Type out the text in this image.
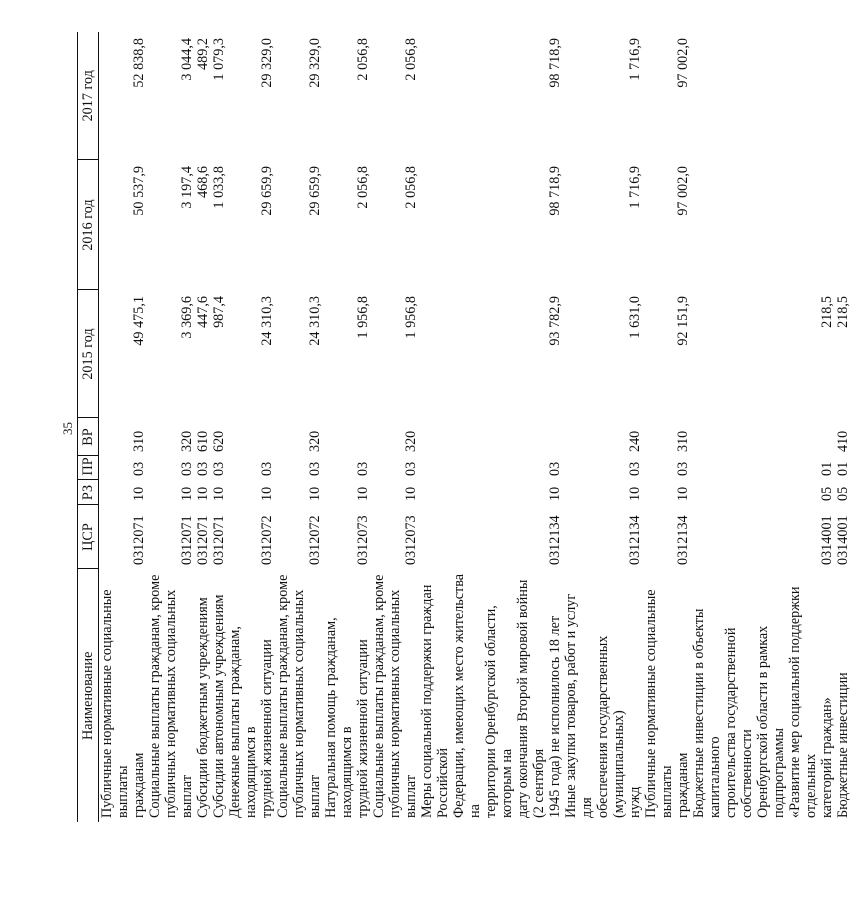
35
Наименование	ЦСР	РЗ	ПР	ВР	2015 год	2016 год	2017 год

Публичные нормативные социальные выплаты гражданам	0312071	10	03	310	49 475,1	50 537,9	52 838,8

Социальные выплаты гражданам, кроме публичных нормативных социальных выплат	0312071	10	03	320	3 369,6	3 197,4	3 044,4

Субсидии бюджетным учреждениям	0312071	10	03	610	447,6	468,6	489,2

Субсидии автономным учреждениям	0312071	10	03	620	987,4	1 033,8	1 079,3

Денежные выплаты гражданам, находящимся в трудной жизненной ситуации	0312072	10	03		24 310,3	29 659,9	29 329,0

Социальные выплаты гражданам, кроме публичных нормативных социальных выплат	0312072	10	03	320	24 310,3	29 659,9	29 329,0

Натуральная помощь гражданам, находящимся в трудной жизненной ситуации	0312073	10	03		1 956,8	2 056,8	2 056,8

Социальные выплаты гражданам, кроме публичных нормативных социальных выплат	0312073	10	03	320	1 956,8	2 056,8	2 056,8

Меры социальной поддержки граждан Российской Федерации, имеющих место жительства на территории Оренбургской области, которым на дату окончания Второй мировой войны (2 сентября 1945 года) не исполнилось 18 лет	0312134	10	03		93 782,9	98 718,9	98 718,9

Иные закупки товаров, работ и услуг для обеспечения государственных (муниципальных) нужд	0312134	10	03	240	1 631,0	1 716,9	1 716,9

Публичные нормативные социальные выплаты гражданам	0312134	10	03	310	92 151,9	97 002,0	97 002,0

Бюджетные инвестиции в объекты капитального строительства государственной собственности Оренбургской области в рамках подпрограммы «Развитие мер социальной поддержки отдельных категорий граждан»	0314001	05	01		218,5		

Бюджетные инвестиции	0314001	05	01	410	218,5		
